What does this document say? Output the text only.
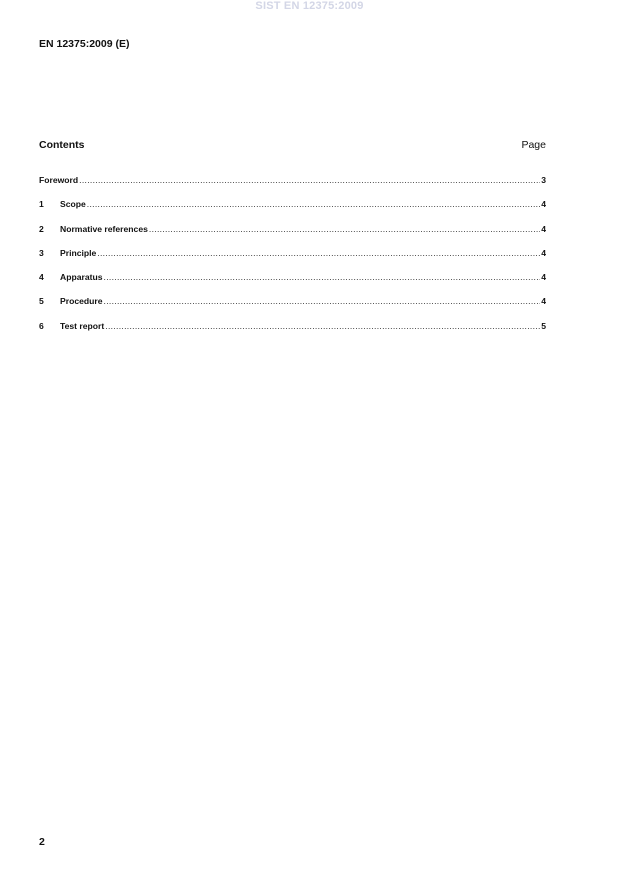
SIST EN 12375:2009
EN 12375:2009 (E)
Contents	Page
Foreword .....	3
1	Scope .....	4
2	Normative references .....	4
3	Principle .....	4
4	Apparatus .....	4
5	Procedure .....	4
6	Test report .....	5
2
